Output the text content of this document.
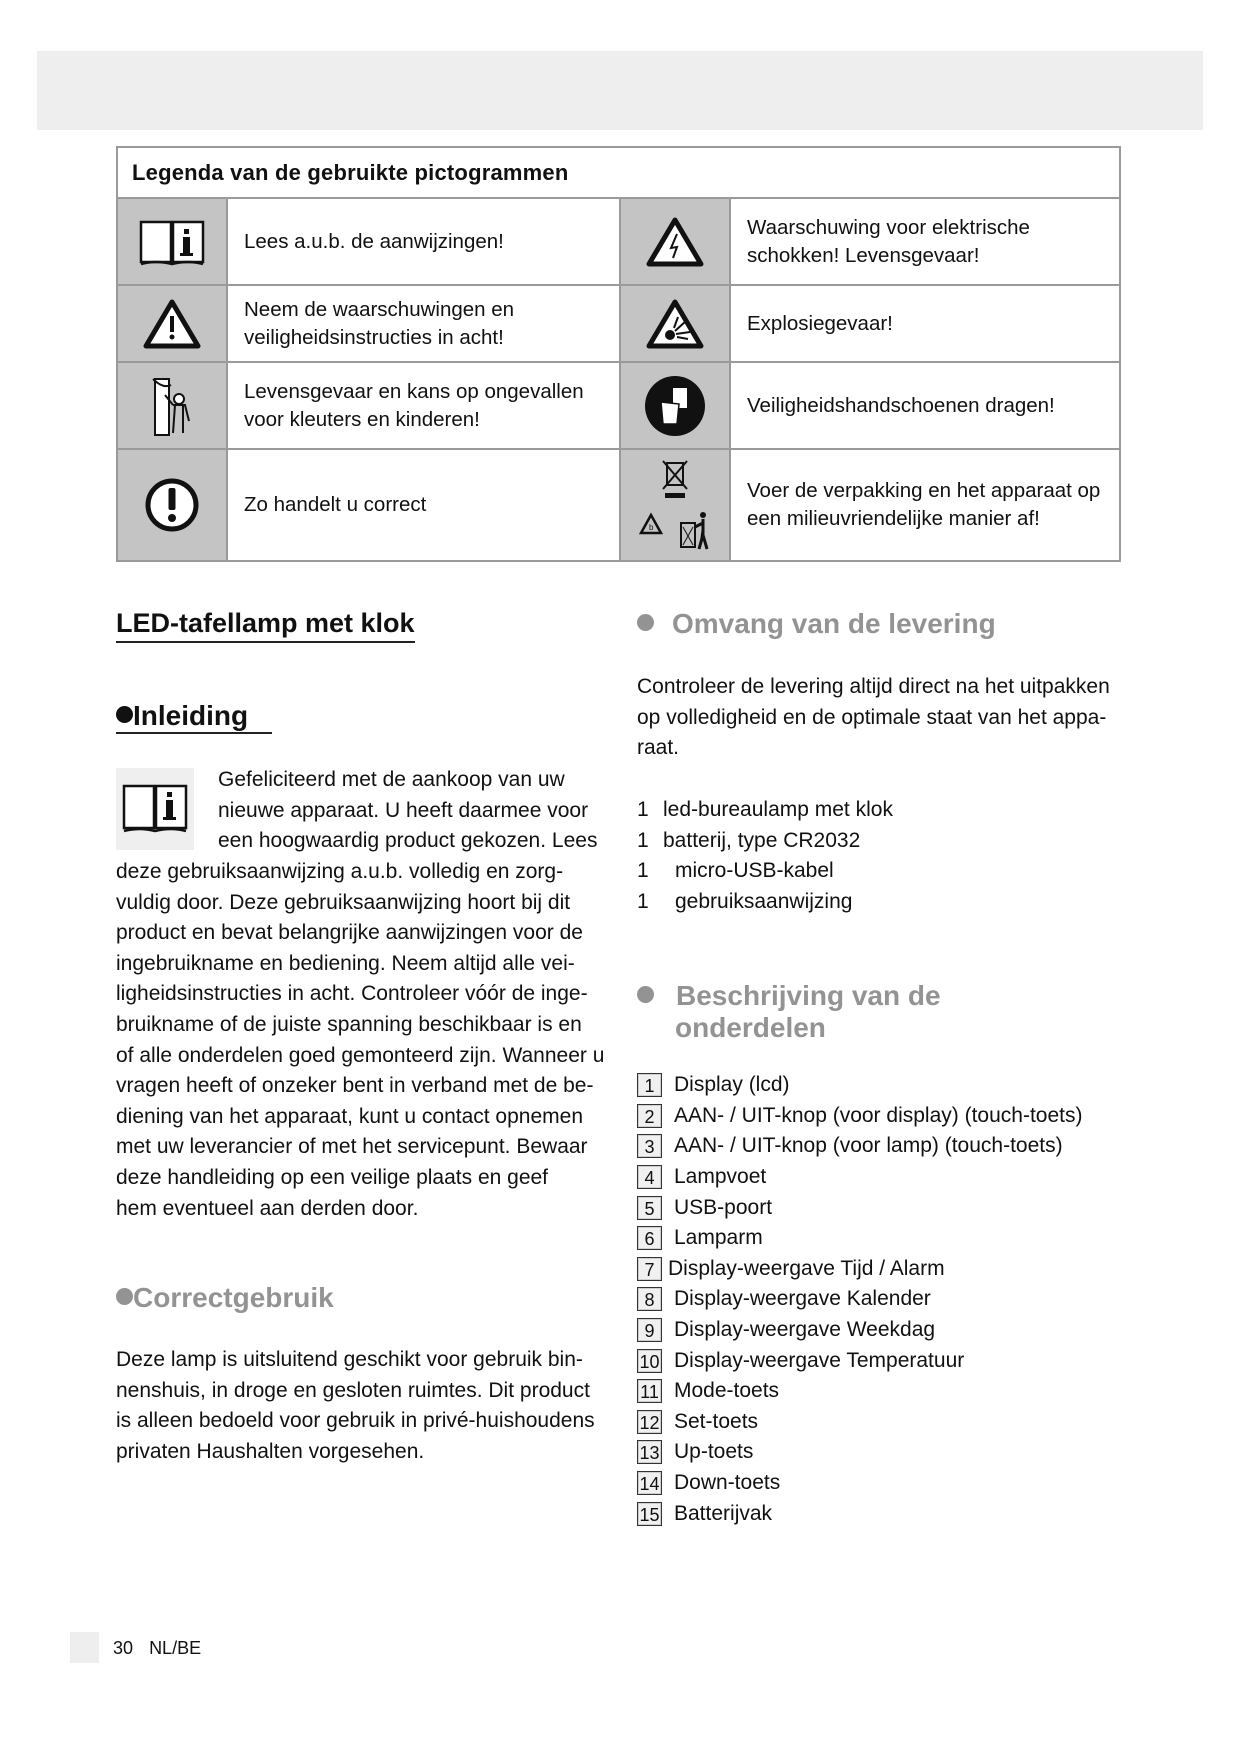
Legenda van de gebruikte pictogrammen
Lees a.u.b. de aanwijzingen!
Waarschuwing voor elektrische schokken! Levensgevaar!
Neem de waarschuwingen en veiligheidsinstructies in acht!
Explosiegevaar!
Levensgevaar en kans op ongevallen voor kleuters en kinderen!
Veiligheidshandschoenen dragen!
Zo handelt u correct
b
Voer de verpakking en het apparaat op een milieuvriendelijke manier af!
LED-tafellamp met klok
Inleiding
Gefeliciteerd met de aankoop van uw
nieuwe apparaat. U heeft daarmee voor
een hoogwaardig product gekozen. Lees
deze gebruiksaanwijzing a.u.b. volledig en zorg-
vuldig door. Deze gebruiksaanwijzing hoort bij dit
product en bevat belangrijke aanwijzingen voor de
ingebruikname en bediening. Neem altijd alle vei-
ligheidsinstructies in acht. Controleer vóór de inge-
bruikname of de juiste spanning beschikbaar is en
of alle onderdelen goed gemonteerd zijn. Wanneer u
vragen heeft of onzeker bent in verband met de be-
diening van het apparaat, kunt u contact opnemen
met uw leverancier of met het servicepunt. Bewaar
deze handleiding op een veilige plaats en geef
hem eventueel aan derden door.
Correctgebruik
Deze lamp is uitsluitend geschikt voor gebruik bin-
nenshuis, in droge en gesloten ruimtes. Dit product
is alleen bedoeld voor gebruik in privé-huishoudens
privaten Haushalten vorgesehen.
Omvang van de levering
Controleer de levering altijd direct na het uitpakken
op volledigheid en de optimale staat van het appa-
raat.
1 led-bureaulamp met klok
1 batterij, type CR2032
1 micro-USB-kabel
1 gebruiksaanwijzing
Beschrijving van de
onderdelen
1 Display (lcd)
2 AAN- / UIT-knop (voor display) (touch-toets)
3 AAN- / UIT-knop (voor lamp) (touch-toets)
4 Lampvoet
5 USB-poort
6 Lamparm
7 Display-weergave Tijd / Alarm
8 Display-weergave Kalender
9 Display-weergave Weekdag
10 Display-weergave Temperatuur
11 Mode-toets
12 Set-toets
13 Up-toets
14 Down-toets
15 Batterijvak
30 NL/BE
